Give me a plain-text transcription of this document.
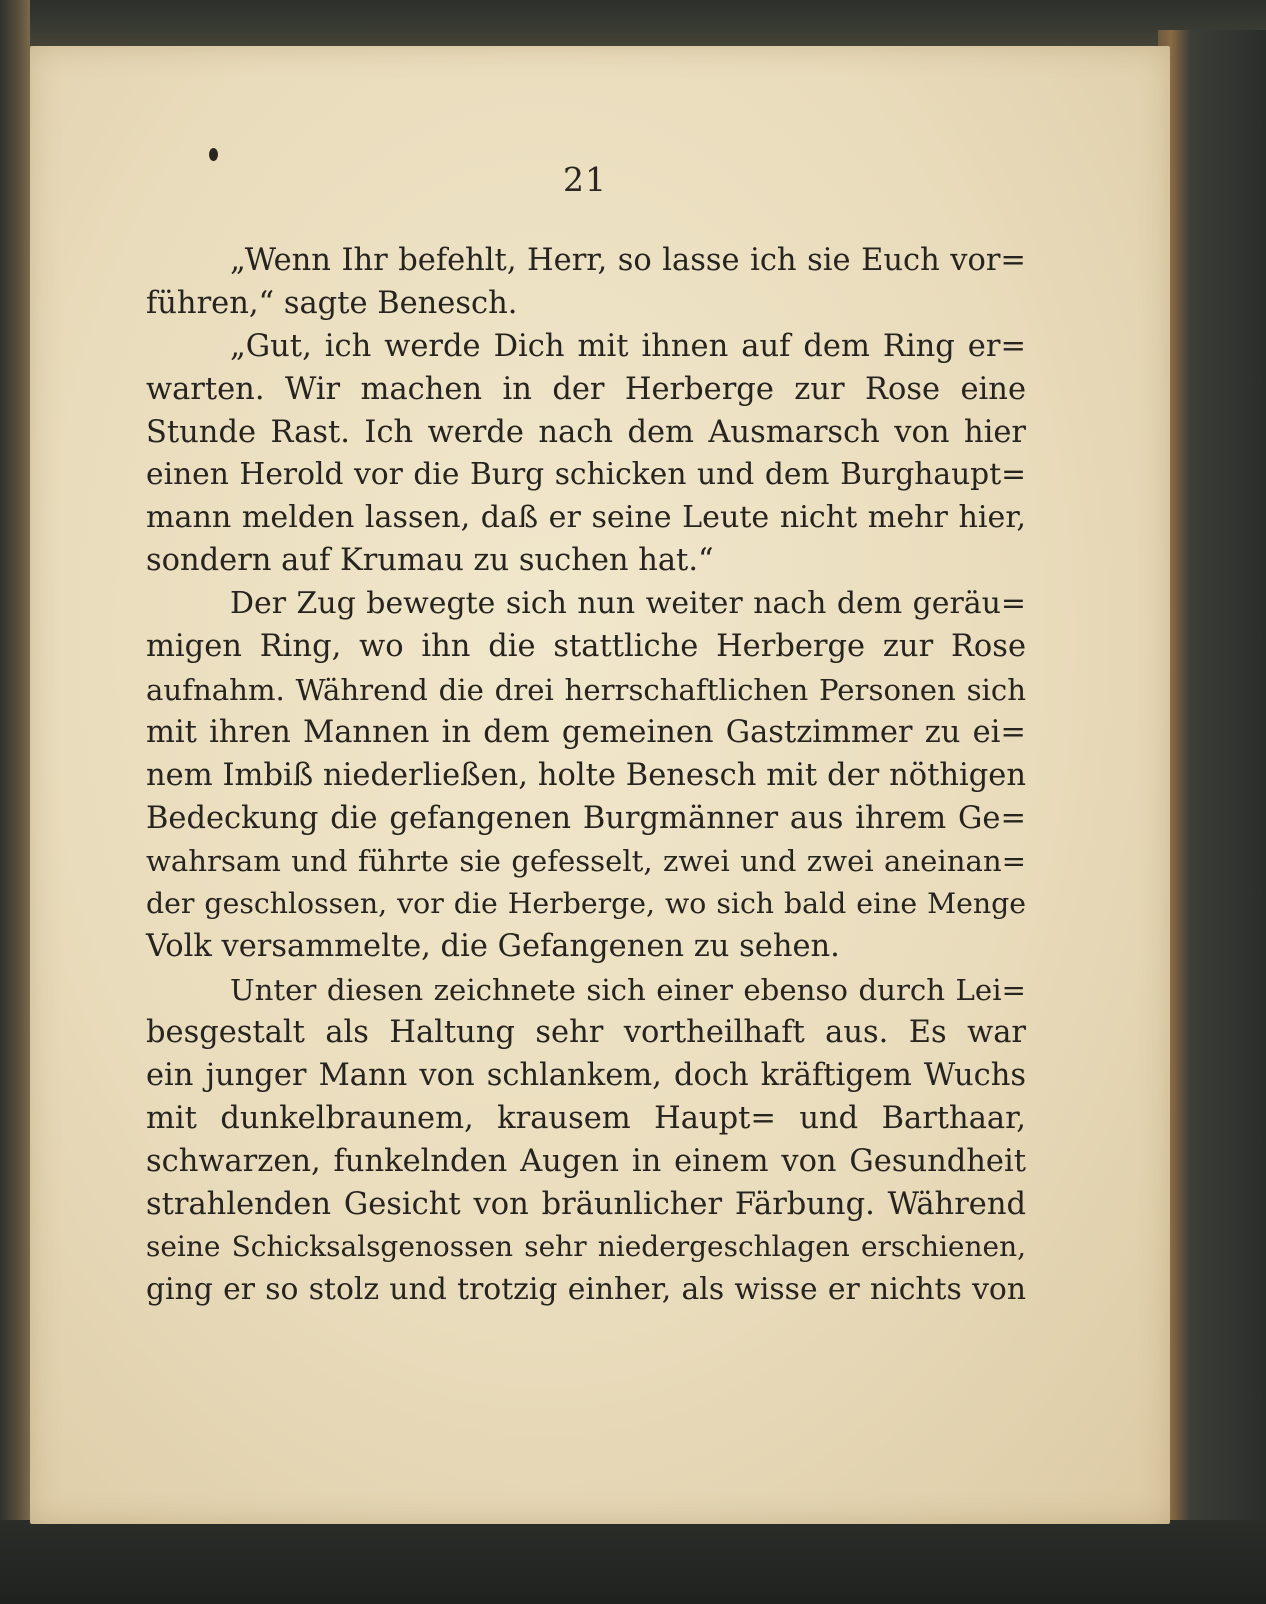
21
„Wenn Ihr befehlt, Herr, so lasse ich sie Euch vor=
führen,“ sagte Benesch.
„Gut, ich werde Dich mit ihnen auf dem Ring er=
warten. Wir machen in der Herberge zur Rose eine
Stunde Rast. Ich werde nach dem Ausmarsch von hier
einen Herold vor die Burg schicken und dem Burghaupt=
mann melden lassen, daß er seine Leute nicht mehr hier,
sondern auf Krumau zu suchen hat.“
Der Zug bewegte sich nun weiter nach dem geräu=
migen Ring, wo ihn die stattliche Herberge zur Rose
aufnahm. Während die drei herrschaftlichen Personen sich
mit ihren Mannen in dem gemeinen Gastzimmer zu ei=
nem Imbiß niederließen, holte Benesch mit der nöthigen
Bedeckung die gefangenen Burgmänner aus ihrem Ge=
wahrsam und führte sie gefesselt, zwei und zwei aneinan=
der geschlossen, vor die Herberge, wo sich bald eine Menge
Volk versammelte, die Gefangenen zu sehen.
Unter diesen zeichnete sich einer ebenso durch Lei=
besgestalt als Haltung sehr vortheilhaft aus. Es war
ein junger Mann von schlankem, doch kräftigem Wuchs
mit dunkelbraunem, krausem Haupt= und Barthaar,
schwarzen, funkelnden Augen in einem von Gesundheit
strahlenden Gesicht von bräunlicher Färbung. Während
seine Schicksalsgenossen sehr niedergeschlagen erschienen,
ging er so stolz und trotzig einher, als wisse er nichts von
